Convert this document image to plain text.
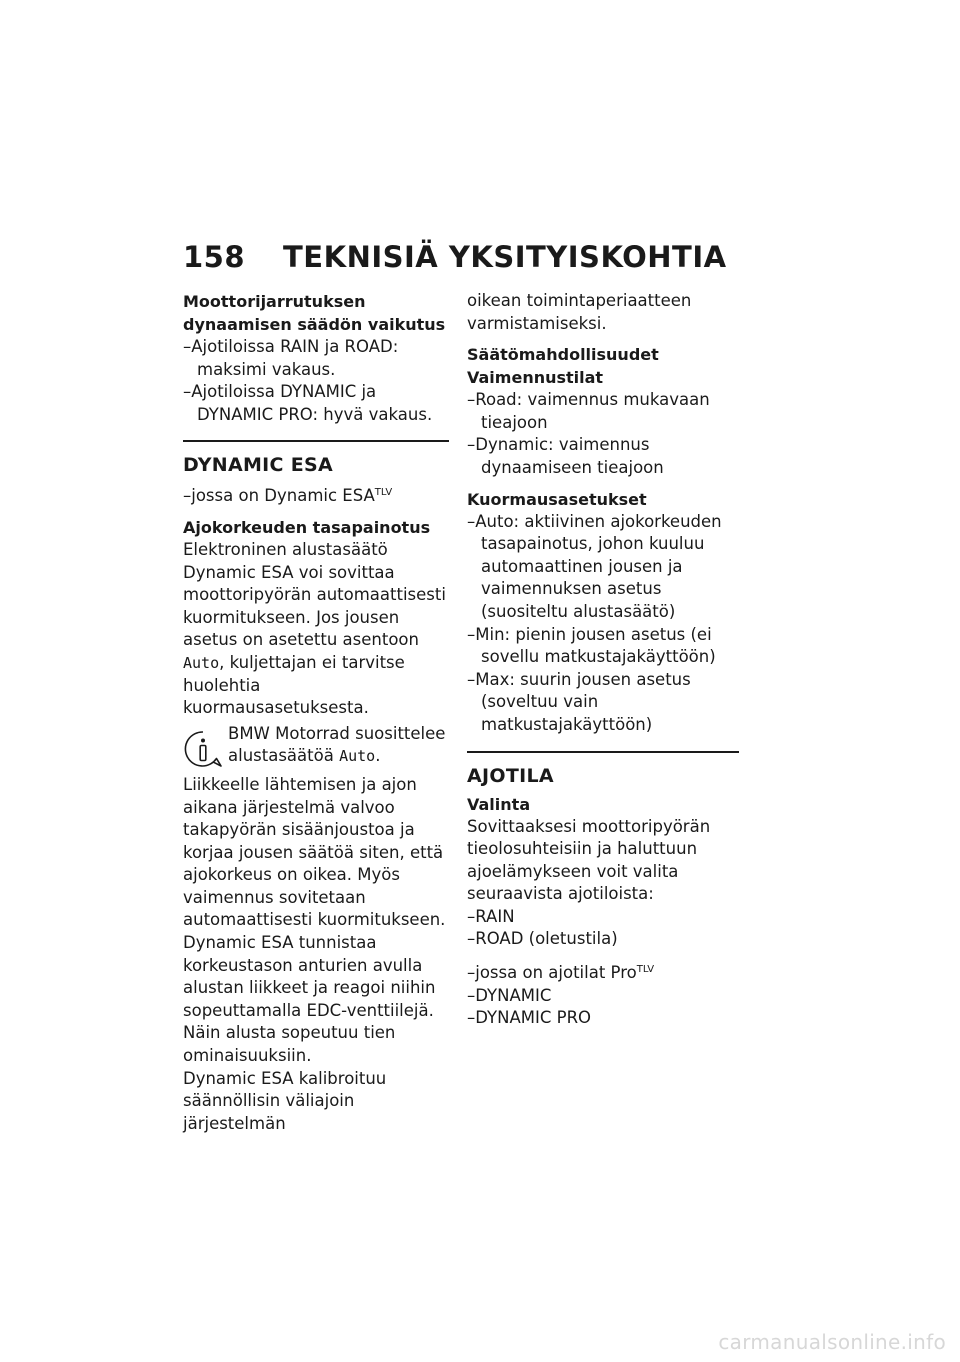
158 TEKNISIÄ YKSITYISKOHTIA

Moottorijarrutuksen dynaamisen säädön vaikutus

–Ajotiloissa RAIN ja ROAD: maksimi vakaus.

–Ajotiloissa DYNAMIC ja DYNAMIC PRO: hyvä vakaus.

DYNAMIC ESA

–jossa on Dynamic $ESA^{TLV}$

Ajokorkeuden tasapainotus

Elektroninen alustasäätö Dynamic ESA voi sovittaa moottoripyörän automaattisesti kuormitukseen. Jos jousen asetus on asetettu asentoon Auto, kuljettajan ei tarvitse huolehtia kuormausasetuksesta.

BMW Motorrad suosittelee alustasäätöä Auto.

Liikkeelle lähtemisen ja ajon aikana järjestelmä valvoo takapyörän sisäänjoustoa ja korjaa jousen säätöä siten, että ajokorkeus on oikea. Myös vaimennus sovitetaan automaattisesti kuormitukseen.

Dynamic ESA tunnistaa korkeustason anturien avulla alustan liikkeet ja reagoi niihin sopeuttamalla EDC-venttiilejä.

Näin alusta sopeutuu tien ominaisuuksiin.

Dynamic ESA kalibroituu säännöllisin väliajoin järjestelmän

oikean toimintaperiaatteen varmistamiseksi.

Säätömahdollisuudet

Vaimennustilat

–Road: vaimennus mukavaan tieajoon

–Dynamic: vaimennus dynaamiseen tieajoon

Kuormausasetukset

–Auto: aktiivinen ajokorkeuden tasapainotus, johon kuuluu automaattinen jousen ja vaimennuksen asetus (suositeltu alustasäätö)

–Min: pienin jousen asetus (ei sovellu matkustajakäyttöön)

–Max: suurin jousen asetus (soveltuu vain matkustajakäyttöön)

AJOTILA

Valinta

Sovittaaksesi moottoripyörän tieolosuhteisiin ja haluttuun ajoelämykseen voit valita seuraavista ajotiloista:

–RAIN

–ROAD (oletustila)

–jossa on ajotilat Pro$^{TLV}$

–DYNAMIC

–DYNAMIC PRO

carmanualsonline.info
